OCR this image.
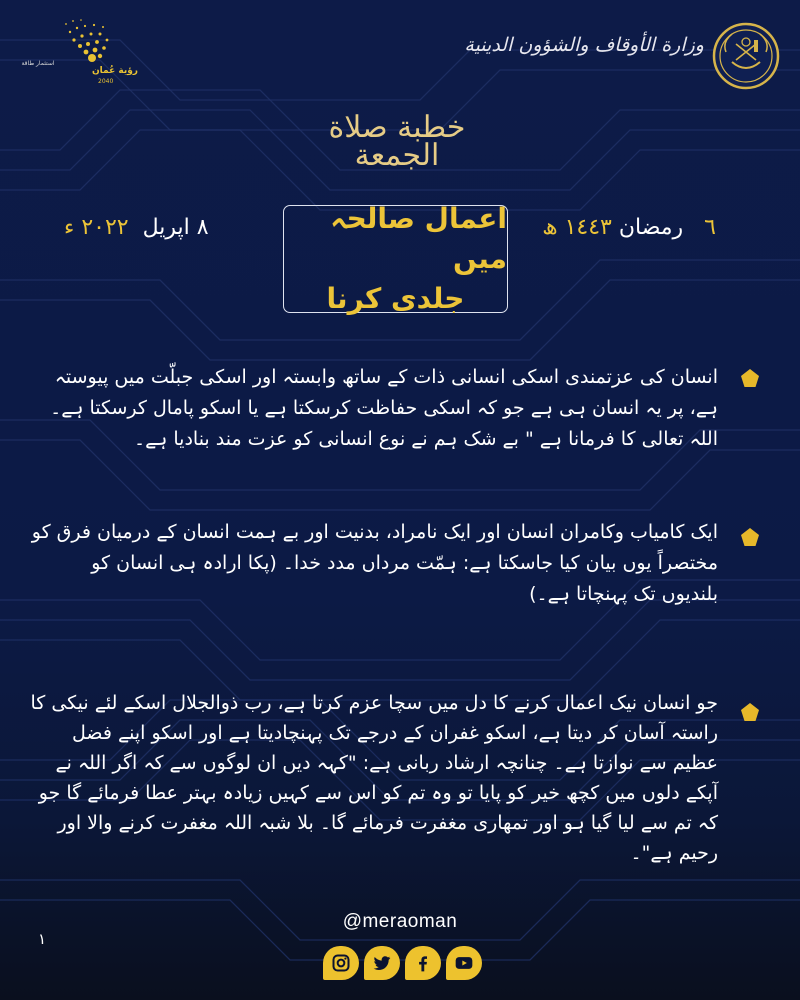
رؤية عُمان
2040
استثمار طاقة
وزارة الأوقاف والشؤون الدينية
خطبة صلاة
الجمعة
٦   رمضان ١٤٤٣ ھ
٨ اپریل  ٢٠٢٢ ء	اعمال صالحہ میں
جلدی کرنا
انسان کی عزتمندی اسکی انسانی ذات کے ساتھ وابستہ اور اسکی جبلّت میں پیوستہ ہے، پر یہ انسان ہی ہے جو کہ اسکی حفاظت کرسکتا ہے یا اسکو پامال کرسکتا ہے۔ اللہ تعالی کا فرمانا ہے " بے شک ہم نے نوع انسانی کو عزت مند بنادیا ہے۔
ایک کامیاب وکامران انسان اور ایک نامراد، بدنیت اور بے ہمت انسان کے درمیان فرق کو مختصراً یوں بیان کیا جاسکتا ہے: ہمّت مرداں مدد خدا۔ (پکا ارادہ ہی انسان کو بلندیوں تک پہنچاتا ہے۔)
جو انسان نیک اعمال کرنے کا دل میں سچا عزم کرتا ہے، رب ذوالجلال اسکے لئے نیکی کا راستہ آسان کر دیتا ہے، اسکو غفران کے درجے تک پہنچادیتا ہے اور اسکو اپنے فضل عظیم سے نوازتا ہے۔ چنانچہ ارشاد ربانی ہے: "کہہ دیں ان لوگوں سے کہ اگر اللہ نے آپکے دلوں میں کچھ خیر کو پایا تو وہ تم کو اس سے کہیں زیادہ بہتر عطا فرمائے گا جو کہ تم سے لیا گیا ہو اور تمھاری مغفرت فرمائے گا۔ بلا شبہ اللہ مغفرت کرنے والا اور رحیم ہے"۔
١
@meraoman
